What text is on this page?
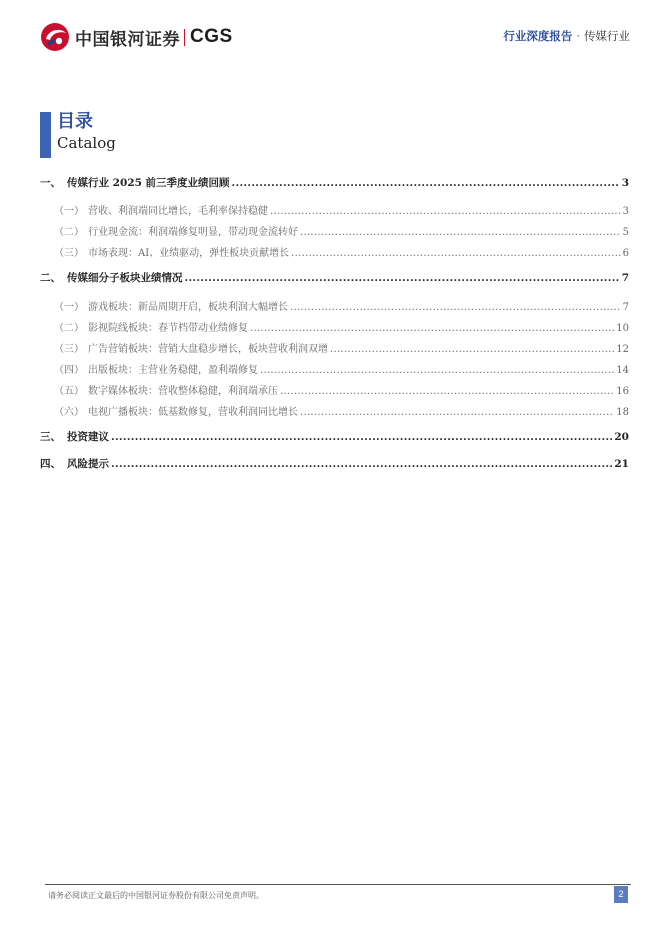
中国银河证券 CGS	行业深度报告 · 传媒行业
目录
Catalog
一、 传媒行业 2025 前三季度业绩回顾 .....	3
（一） 营收、利润端同比增长，毛利率保持稳健 .....	3
（二） 行业现金流：利润端修复明显，带动现金流转好 .....	5
（三） 市场表现：AI、业绩驱动，弹性板块贡献增长 .....	6
二、 传媒细分子板块业绩情况 .....	7
（一） 游戏板块：新品周期开启，板块利润大幅增长 .....	7
（二） 影视院线板块：春节档带动业绩修复 .....	10
（三） 广告营销板块：营销大盘稳步增长，板块营收利润双增 .....	12
（四） 出版板块：主营业务稳健，盈利端修复 .....	14
（五） 数字媒体板块：营收整体稳健，利润端承压 .....	16
（六） 电视广播板块：低基数修复，营收利润同比增长 .....	18
三、 投资建议 .....	20
四、 风险提示 .....	21
请务必阅读正文最后的中国银河证券股份有限公司免责声明。	2
